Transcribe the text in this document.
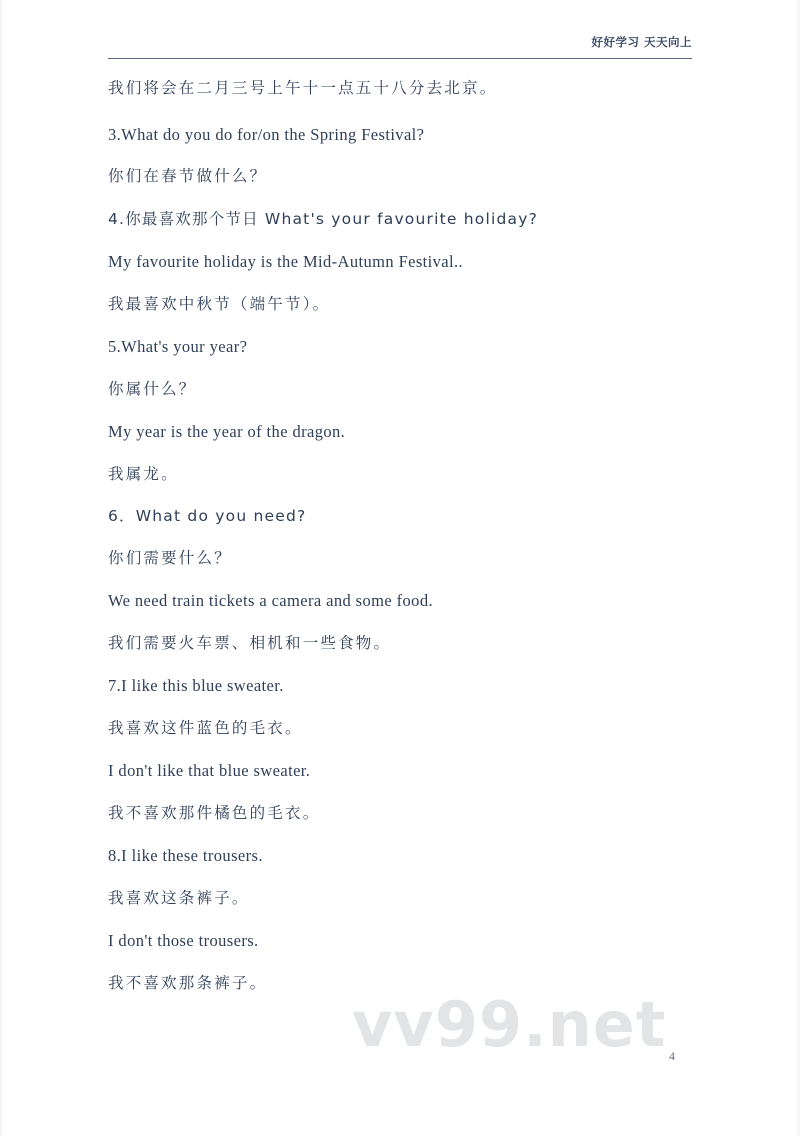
好好学习 天天向上

我们将会在二月三号上午十一点五十八分去北京。

3.What do you do for/on the Spring Festival?

你们在春节做什么？

4.你最喜欢那个节日 What's your favourite holiday?

My favourite holiday is the Mid-Autumn Festival..

我最喜欢中秋节（端午节）。

5.What's your year?

你属什么？

My year is the year of the dragon.

我属龙。

6．What do you need?

你们需要什么？

We need train tickets a camera and some food.

我们需要火车票、相机和一些食物。

7.I like this blue sweater.

我喜欢这件蓝色的毛衣。

I don't like that blue sweater.

我不喜欢那件橘色的毛衣。

8.I like these trousers.

我喜欢这条裤子。

I don't those trousers.

我不喜欢那条裤子。

vv99.net 4
